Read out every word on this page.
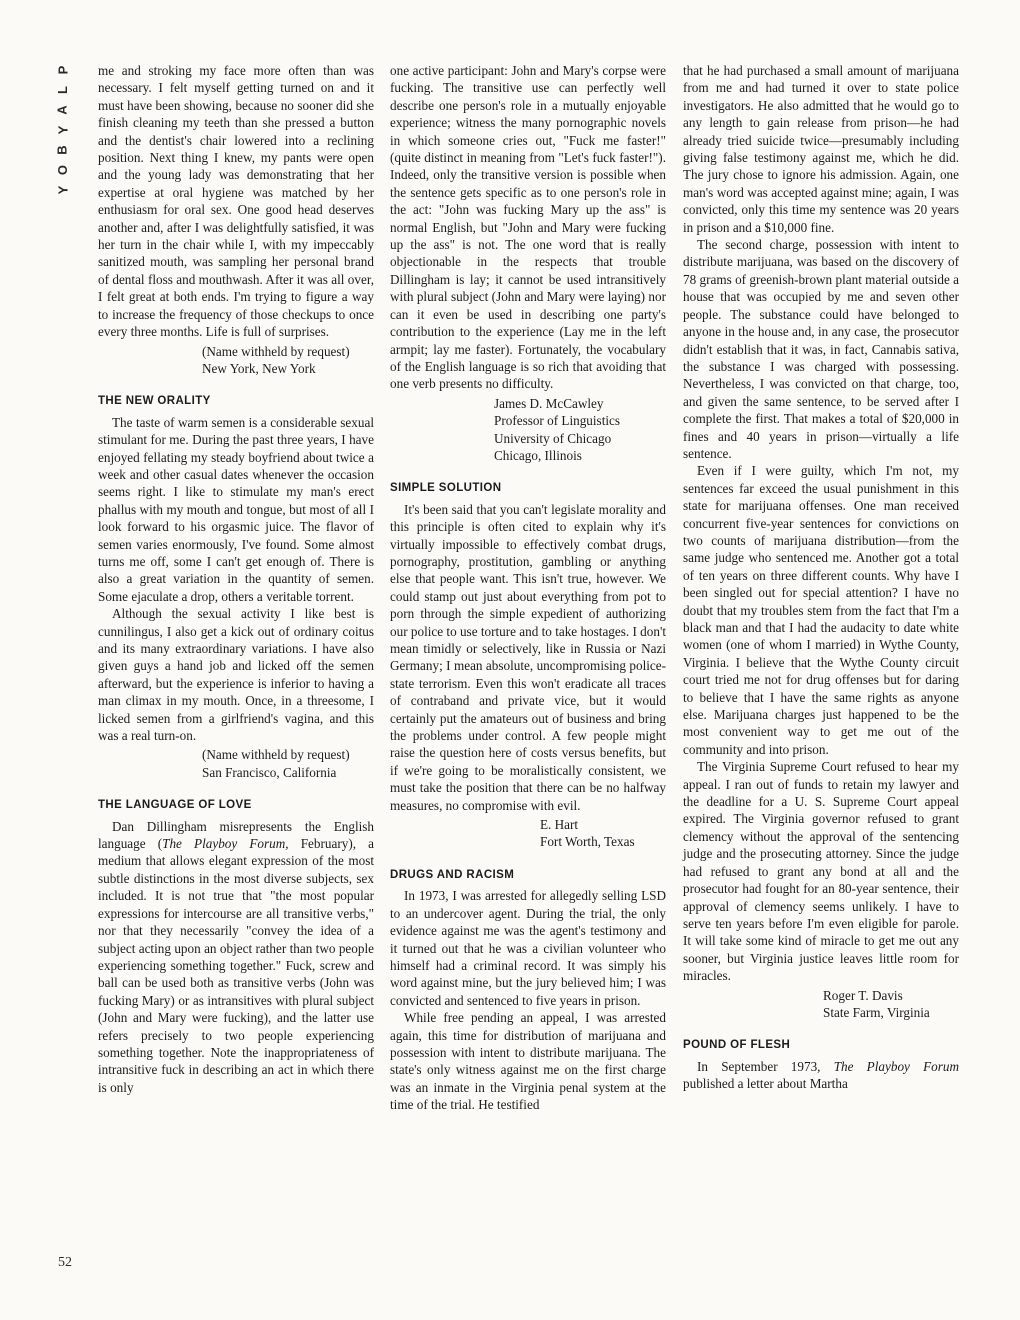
P
L
A
Y
B
O
Y
52

me and stroking my face more often than was necessary. I felt myself getting turned on and it must have been showing, because no sooner did she finish cleaning my teeth than she pressed a button and the dentist's chair lowered into a reclining position. Next thing I knew, my pants were open and the young lady was demonstrating that her expertise at oral hygiene was matched by her enthusiasm for oral sex. One good head deserves another and, after I was delightfully satisfied, it was her turn in the chair while I, with my impeccably sanitized mouth, was sampling her personal brand of dental floss and mouthwash. After it was all over, I felt great at both ends. I'm trying to figure a way to increase the frequency of those checkups to once every three months. Life is full of surprises.

(Name withheld by request)
New York, New York
THE NEW ORALITY

The taste of warm semen is a considerable sexual stimulant for me. During the past three years, I have enjoyed fellating my steady boyfriend about twice a week and other casual dates whenever the occasion seems right. I like to stimulate my man's erect phallus with my mouth and tongue, but most of all I look forward to his orgasmic juice. The flavor of semen varies enormously, I've found. Some almost turns me off, some I can't get enough of. There is also a great variation in the quantity of semen. Some ejaculate a drop, others a veritable torrent.

Although the sexual activity I like best is cunnilingus, I also get a kick out of ordinary coitus and its many extraordinary variations. I have also given guys a hand job and licked off the semen afterward, but the experience is inferior to having a man climax in my mouth. Once, in a threesome, I licked semen from a girlfriend's vagina, and this was a real turn-on.

(Name withheld by request)
San Francisco, California
THE LANGUAGE OF LOVE

Dan Dillingham misrepresents the English language (The Playboy Forum, February), a medium that allows elegant expression of the most subtle distinctions in the most diverse subjects, sex included. It is not true that "the most popular expressions for intercourse are all transitive verbs," nor that they necessarily "convey the idea of a subject acting upon an object rather than two people experiencing something together." Fuck, screw and ball can be used both as transitive verbs (John was fucking Mary) or as intransitives with plural subject (John and Mary were fucking), and the latter use refers precisely to two people experiencing something together. Note the inappropriateness of intransitive fuck in describing an act in which there is only

one active participant: John and Mary's corpse were fucking. The transitive use can perfectly well describe one person's role in a mutually enjoyable experience; witness the many pornographic novels in which someone cries out, "Fuck me faster!" (quite distinct in meaning from "Let's fuck faster!"). Indeed, only the transitive version is possible when the sentence gets specific as to one person's role in the act: "John was fucking Mary up the ass" is normal English, but "John and Mary were fucking up the ass" is not. The one word that is really objectionable in the respects that trouble Dillingham is lay; it cannot be used intransitively with plural subject (John and Mary were laying) nor can it even be used in describing one party's contribution to the experience (Lay me in the left armpit; lay me faster). Fortunately, the vocabulary of the English language is so rich that avoiding that one verb presents no difficulty.

James D. McCawley
Professor of Linguistics
University of Chicago
Chicago, Illinois
SIMPLE SOLUTION

It's been said that you can't legislate morality and this principle is often cited to explain why it's virtually impossible to effectively combat drugs, pornography, prostitution, gambling or anything else that people want. This isn't true, however. We could stamp out just about everything from pot to porn through the simple expedient of authorizing our police to use torture and to take hostages. I don't mean timidly or selectively, like in Russia or Nazi Germany; I mean absolute, uncompromising police-state terrorism. Even this won't eradicate all traces of contraband and private vice, but it would certainly put the amateurs out of business and bring the problems under control. A few people might raise the question here of costs versus benefits, but if we're going to be moralistically consistent, we must take the position that there can be no halfway measures, no compromise with evil.

E. Hart
Fort Worth, Texas
DRUGS AND RACISM

In 1973, I was arrested for allegedly selling LSD to an undercover agent. During the trial, the only evidence against me was the agent's testimony and it turned out that he was a civilian volunteer who himself had a criminal record. It was simply his word against mine, but the jury believed him; I was convicted and sentenced to five years in prison.

While free pending an appeal, I was arrested again, this time for distribution of marijuana and possession with intent to distribute marijuana. The state's only witness against me on the first charge was an inmate in the Virginia penal system at the time of the trial. He testified

that he had purchased a small amount of marijuana from me and had turned it over to state police investigators. He also admitted that he would go to any length to gain release from prison—he had already tried suicide twice—presumably including giving false testimony against me, which he did. The jury chose to ignore his admission. Again, one man's word was accepted against mine; again, I was convicted, only this time my sentence was 20 years in prison and a $10,000 fine.

The second charge, possession with intent to distribute marijuana, was based on the discovery of 78 grams of greenish-brown plant material outside a house that was occupied by me and seven other people. The substance could have belonged to anyone in the house and, in any case, the prosecutor didn't establish that it was, in fact, Cannabis sativa, the substance I was charged with possessing. Nevertheless, I was convicted on that charge, too, and given the same sentence, to be served after I complete the first. That makes a total of $20,000 in fines and 40 years in prison—virtually a life sentence.

Even if I were guilty, which I'm not, my sentences far exceed the usual punishment in this state for marijuana offenses. One man received concurrent five-year sentences for convictions on two counts of marijuana distribution—from the same judge who sentenced me. Another got a total of ten years on three different counts. Why have I been singled out for special attention? I have no doubt that my troubles stem from the fact that I'm a black man and that I had the audacity to date white women (one of whom I married) in Wythe County, Virginia. I believe that the Wythe County circuit court tried me not for drug offenses but for daring to believe that I have the same rights as anyone else. Marijuana charges just happened to be the most convenient way to get me out of the community and into prison.

The Virginia Supreme Court refused to hear my appeal. I ran out of funds to retain my lawyer and the deadline for a U. S. Supreme Court appeal expired. The Virginia governor refused to grant clemency without the approval of the sentencing judge and the prosecuting attorney. Since the judge had refused to grant any bond at all and the prosecutor had fought for an 80-year sentence, their approval of clemency seems unlikely. I have to serve ten years before I'm even eligible for parole. It will take some kind of miracle to get me out any sooner, but Virginia justice leaves little room for miracles.

Roger T. Davis
State Farm, Virginia
POUND OF FLESH

In September 1973, The Playboy Forum published a letter about Martha
